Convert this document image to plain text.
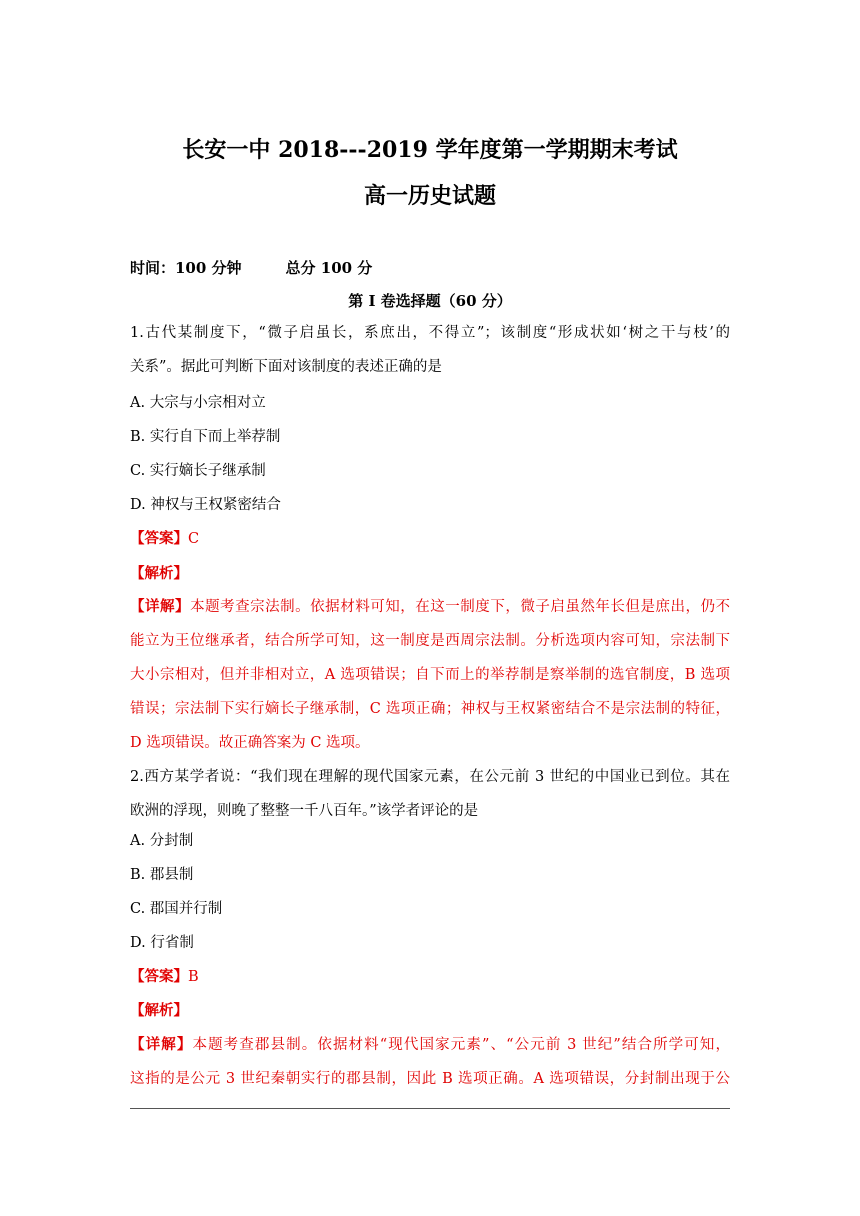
长安一中 2018---2019 学年度第一学期期末考试
高一历史试题
时间：100 分钟	总分 100 分
第 I 卷选择题（60 分）
1.古代某制度下，“微子启虽长，系庶出，不得立”；该制度“形成状如‘树之干与枝’的
关系”。据此可判断下面对该制度的表述正确的是
A. 大宗与小宗相对立
B. 实行自下而上举荐制
C. 实行嫡长子继承制
D. 神权与王权紧密结合
【答案】C
【解析】
【详解】本题考查宗法制。依据材料可知，在这一制度下，微子启虽然年长但是庶出，仍不
能立为王位继承者，结合所学可知，这一制度是西周宗法制。分析选项内容可知，宗法制下
大小宗相对，但并非相对立，A 选项错误；自下而上的举荐制是察举制的选官制度，B 选项
错误；宗法制下实行嫡长子继承制，C 选项正确；神权与王权紧密结合不是宗法制的特征，
D 选项错误。故正确答案为 C 选项。
2.西方某学者说：“我们现在理解的现代国家元素，在公元前 3 世纪的中国业已到位。其在
欧洲的浮现，则晚了整整一千八百年。”该学者评论的是
A. 分封制
B. 郡县制
C. 郡国并行制
D. 行省制
【答案】B
【解析】
【详解】本题考查郡县制。依据材料“现代国家元素”、“公元前 3 世纪”结合所学可知，
这指的是公元 3 世纪秦朝实行的郡县制，因此 B 选项正确。A 选项错误，分封制出现于公
